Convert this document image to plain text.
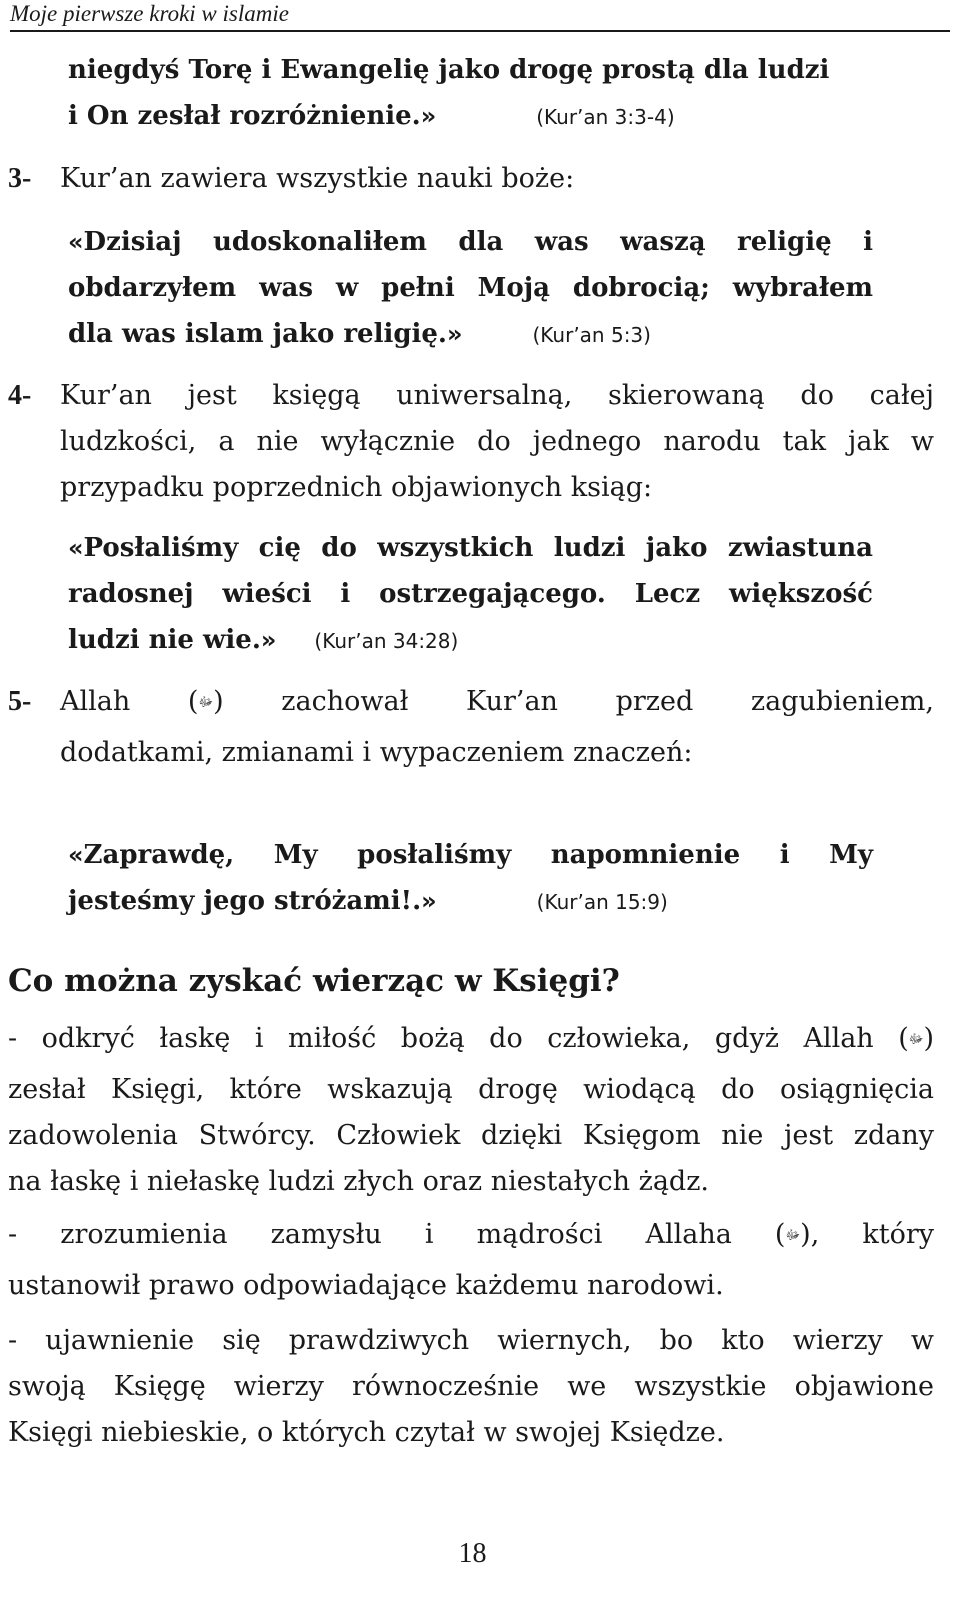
Moje pierwsze kroki w islamie
niegdyś Torę i Ewangelię jako drogę prostą dla ludzi
i On zesłał rozróżnienie.»	(Kur’an 3:3-4)
3- Kur’an zawiera wszystkie nauki boże:
«Dzisiaj udoskonaliłem dla was waszą religię i
obdarzyłem was w pełni Moją dobrocią; wybrałem
dla was islam jako religię.»	(Kur’an 5:3)
4- Kur’an jest księgą uniwersalną, skierowaną do całej
ludzkości, a nie wyłącznie do jednego narodu tak jak w
przypadku poprzednich objawionych ksiąg:
«Posłaliśmy cię do wszystkich ludzi jako zwiastuna
radosnej wieści i ostrzegającego. Lecz większość
ludzi nie wie.» (Kur’an 34:28)
5- Allah (ﷻ) zachował Kur’an przed zagubieniem,
dodatkami, zmianami i wypaczeniem znaczeń:
«Zaprawdę, My posłaliśmy napomnienie i My
jesteśmy jego stróżami!.»	(Kur’an 15:9)
Co można zyskać wierząc w Księgi?
- odkryć łaskę i miłość bożą do człowieka, gdyż Allah (ﷻ)
zesłał Księgi, które wskazują drogę wiodącą do osiągnięcia
zadowolenia Stwórcy. Człowiek dzięki Księgom nie jest zdany
na łaskę i niełaskę ludzi złych oraz niestałych żądz.
- zrozumienia zamysłu i mądrości Allaha (ﷻ), który
ustanowił prawo odpowiadające każdemu narodowi.
- ujawnienie się prawdziwych wiernych, bo kto wierzy w
swoją Księgę wierzy równocześnie we wszystkie objawione
Księgi niebieskie, o których czytał w swojej Księdze.
18
